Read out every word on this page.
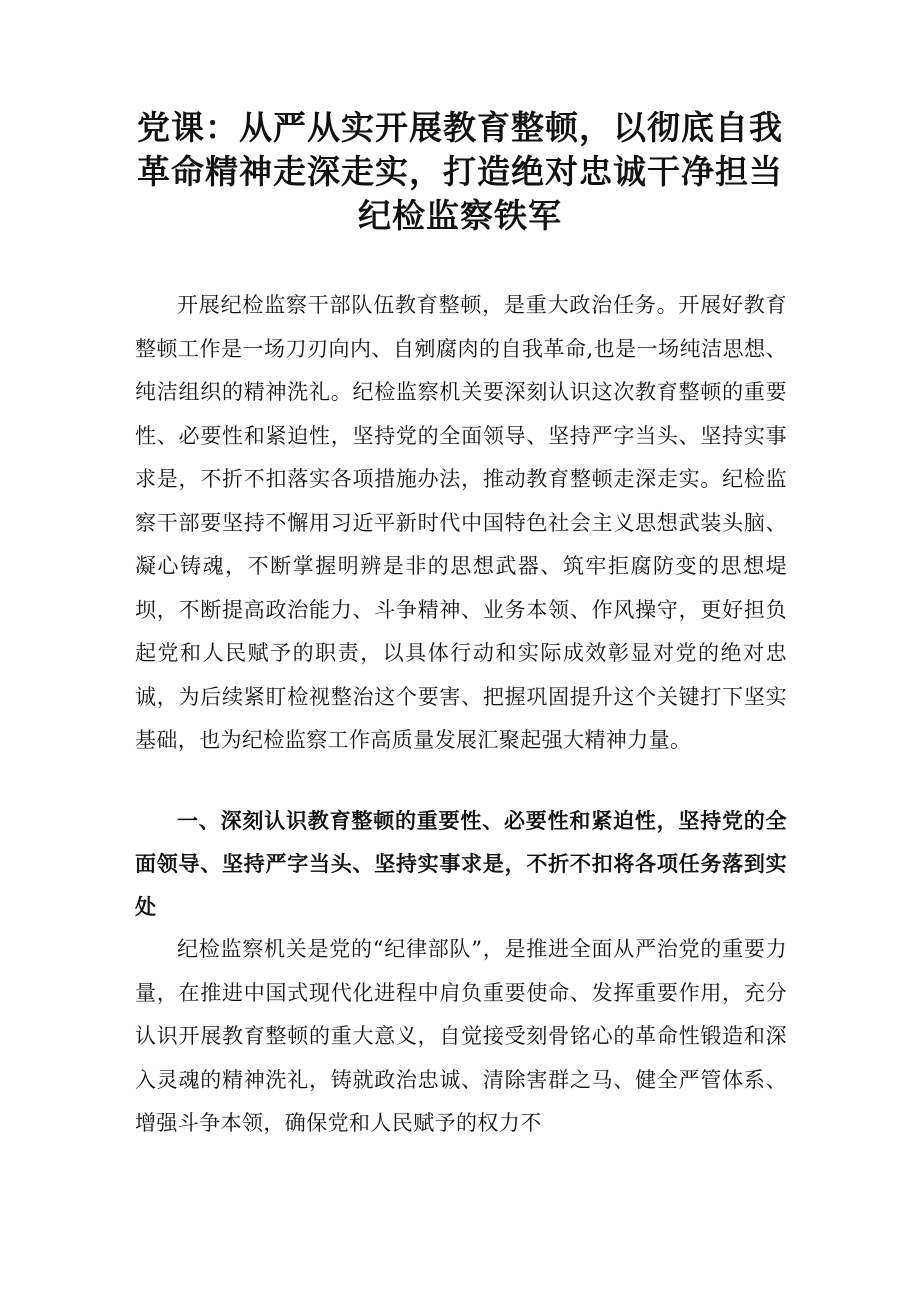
党课：从严从实开展教育整顿，以彻底自我
革命精神走深走实，打造绝对忠诚干净担当
纪检监察铁军

开展纪检监察干部队伍教育整顿，是重大政治任务。开展好教育整顿工作是一场刀刃向内、自剜腐肉的自我革命,也是一场纯洁思想、纯洁组织的精神洗礼。纪检监察机关要深刻认识这次教育整顿的重要性、必要性和紧迫性，坚持党的全面领导、坚持严字当头、坚持实事求是，不折不扣落实各项措施办法，推动教育整顿走深走实。纪检监察干部要坚持不懈用习近平新时代中国特色社会主义思想武装头脑、凝心铸魂，不断掌握明辨是非的思想武器、筑牢拒腐防变的思想堤坝，不断提高政治能力、斗争精神、业务本领、作风操守，更好担负起党和人民赋予的职责，以具体行动和实际成效彰显对党的绝对忠诚，为后续紧盯检视整治这个要害、把握巩固提升这个关键打下坚实基础，也为纪检监察工作高质量发展汇聚起强大精神力量。

一、深刻认识教育整顿的重要性、必要性和紧迫性，坚持党的全面领导、坚持严字当头、坚持实事求是，不折不扣将各项任务落到实处

纪检监察机关是党的“纪律部队”，是推进全面从严治党的重要力量，在推进中国式现代化进程中肩负重要使命、发挥重要作用，充分认识开展教育整顿的重大意义，自觉接受刻骨铭心的革命性锻造和深入灵魂的精神洗礼，铸就政治忠诚、清除害群之马、健全严管体系、增强斗争本领，确保党和人民赋予的权力不
